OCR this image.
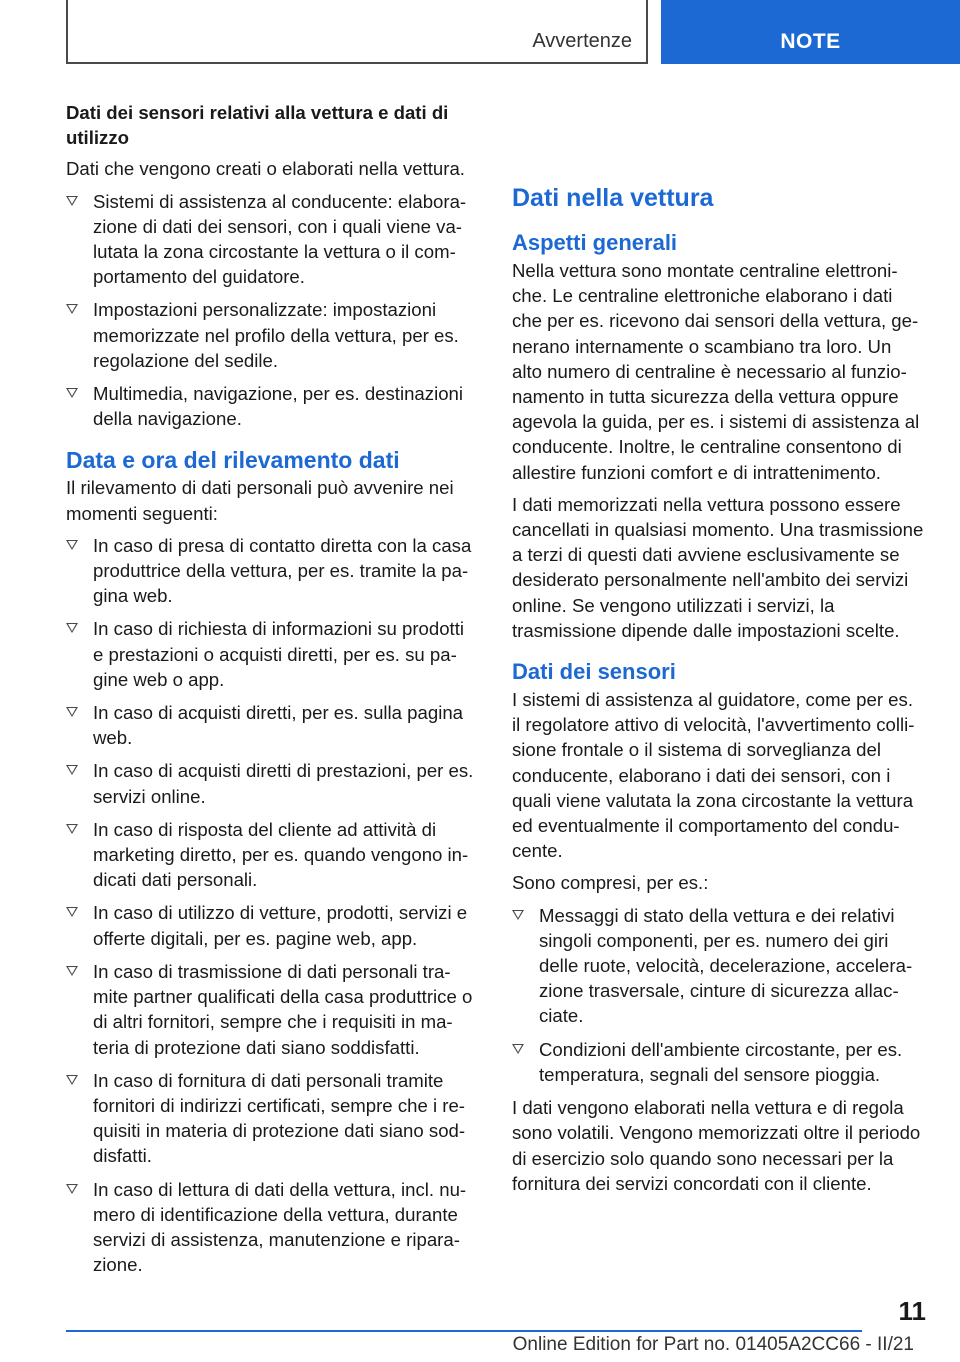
Avvertenze	NOTE

Dati dei sensori relativi alla vettura e dati di utilizzo

Dati che vengono creati o elaborati nella vettura.

Sistemi di assistenza al conducente: elaborazione di dati dei sensori, con i quali viene valutata la zona circostante la vettura o il comportamento del guidatore.
Impostazioni personalizzate: impostazioni memorizzate nel profilo della vettura, per es. regolazione del sedile.
Multimedia, navigazione, per es. destinazioni della navigazione.
Data e ora del rilevamento dati

Il rilevamento di dati personali può avvenire nei momenti seguenti:

In caso di presa di contatto diretta con la casa produttrice della vettura, per es. tramite la pagina web.
In caso di richiesta di informazioni su prodotti e prestazioni o acquisti diretti, per es. su pagine web o app.
In caso di acquisti diretti, per es. sulla pagina web.
In caso di acquisti diretti di prestazioni, per es. servizi online.
In caso di risposta del cliente ad attività di marketing diretto, per es. quando vengono indicati dati personali.
In caso di utilizzo di vetture, prodotti, servizi e offerte digitali, per es. pagine web, app.
In caso di trasmissione di dati personali tramite partner qualificati della casa produttrice o di altri fornitori, sempre che i requisiti in materia di protezione dati siano soddisfatti.
In caso di fornitura di dati personali tramite fornitori di indirizzi certificati, sempre che i requisiti in materia di protezione dati siano soddisfatti.
In caso di lettura di dati della vettura, incl. numero di identificazione della vettura, durante servizi di assistenza, manutenzione e riparazione.
Dati nella vettura
Aspetti generali

Nella vettura sono montate centraline elettroniche. Le centraline elettroniche elaborano i dati che per es. ricevono dai sensori della vettura, generano internamente o scambiano tra loro. Un alto numero di centraline è necessario al funzionamento in tutta sicurezza della vettura oppure agevola la guida, per es. i sistemi di assistenza al conducente. Inoltre, le centraline consentono di allestire funzioni comfort e di intrattenimento.

I dati memorizzati nella vettura possono essere cancellati in qualsiasi momento. Una trasmissione a terzi di questi dati avviene esclusivamente se desiderato personalmente nell'ambito dei servizi online. Se vengono utilizzati i servizi, la trasmissione dipende dalle impostazioni scelte.

Dati dei sensori

I sistemi di assistenza al guidatore, come per es. il regolatore attivo di velocità, l'avvertimento collisione frontale o il sistema di sorveglianza del conducente, elaborano i dati dei sensori, con i quali viene valutata la zona circostante la vettura ed eventualmente il comportamento del conducente.

Sono compresi, per es.:

Messaggi di stato della vettura e dei relativi singoli componenti, per es. numero dei giri delle ruote, velocità, decelerazione, accelerazione trasversale, cinture di sicurezza allacciate.
Condizioni dell'ambiente circostante, per es. temperatura, segnali del sensore pioggia.

I dati vengono elaborati nella vettura e di regola sono volatili. Vengono memorizzati oltre il periodo di esercizio solo quando sono necessari per la fornitura dei servizi concordati con il cliente.

11
Online Edition for Part no. 01405A2CC66 - II/21
